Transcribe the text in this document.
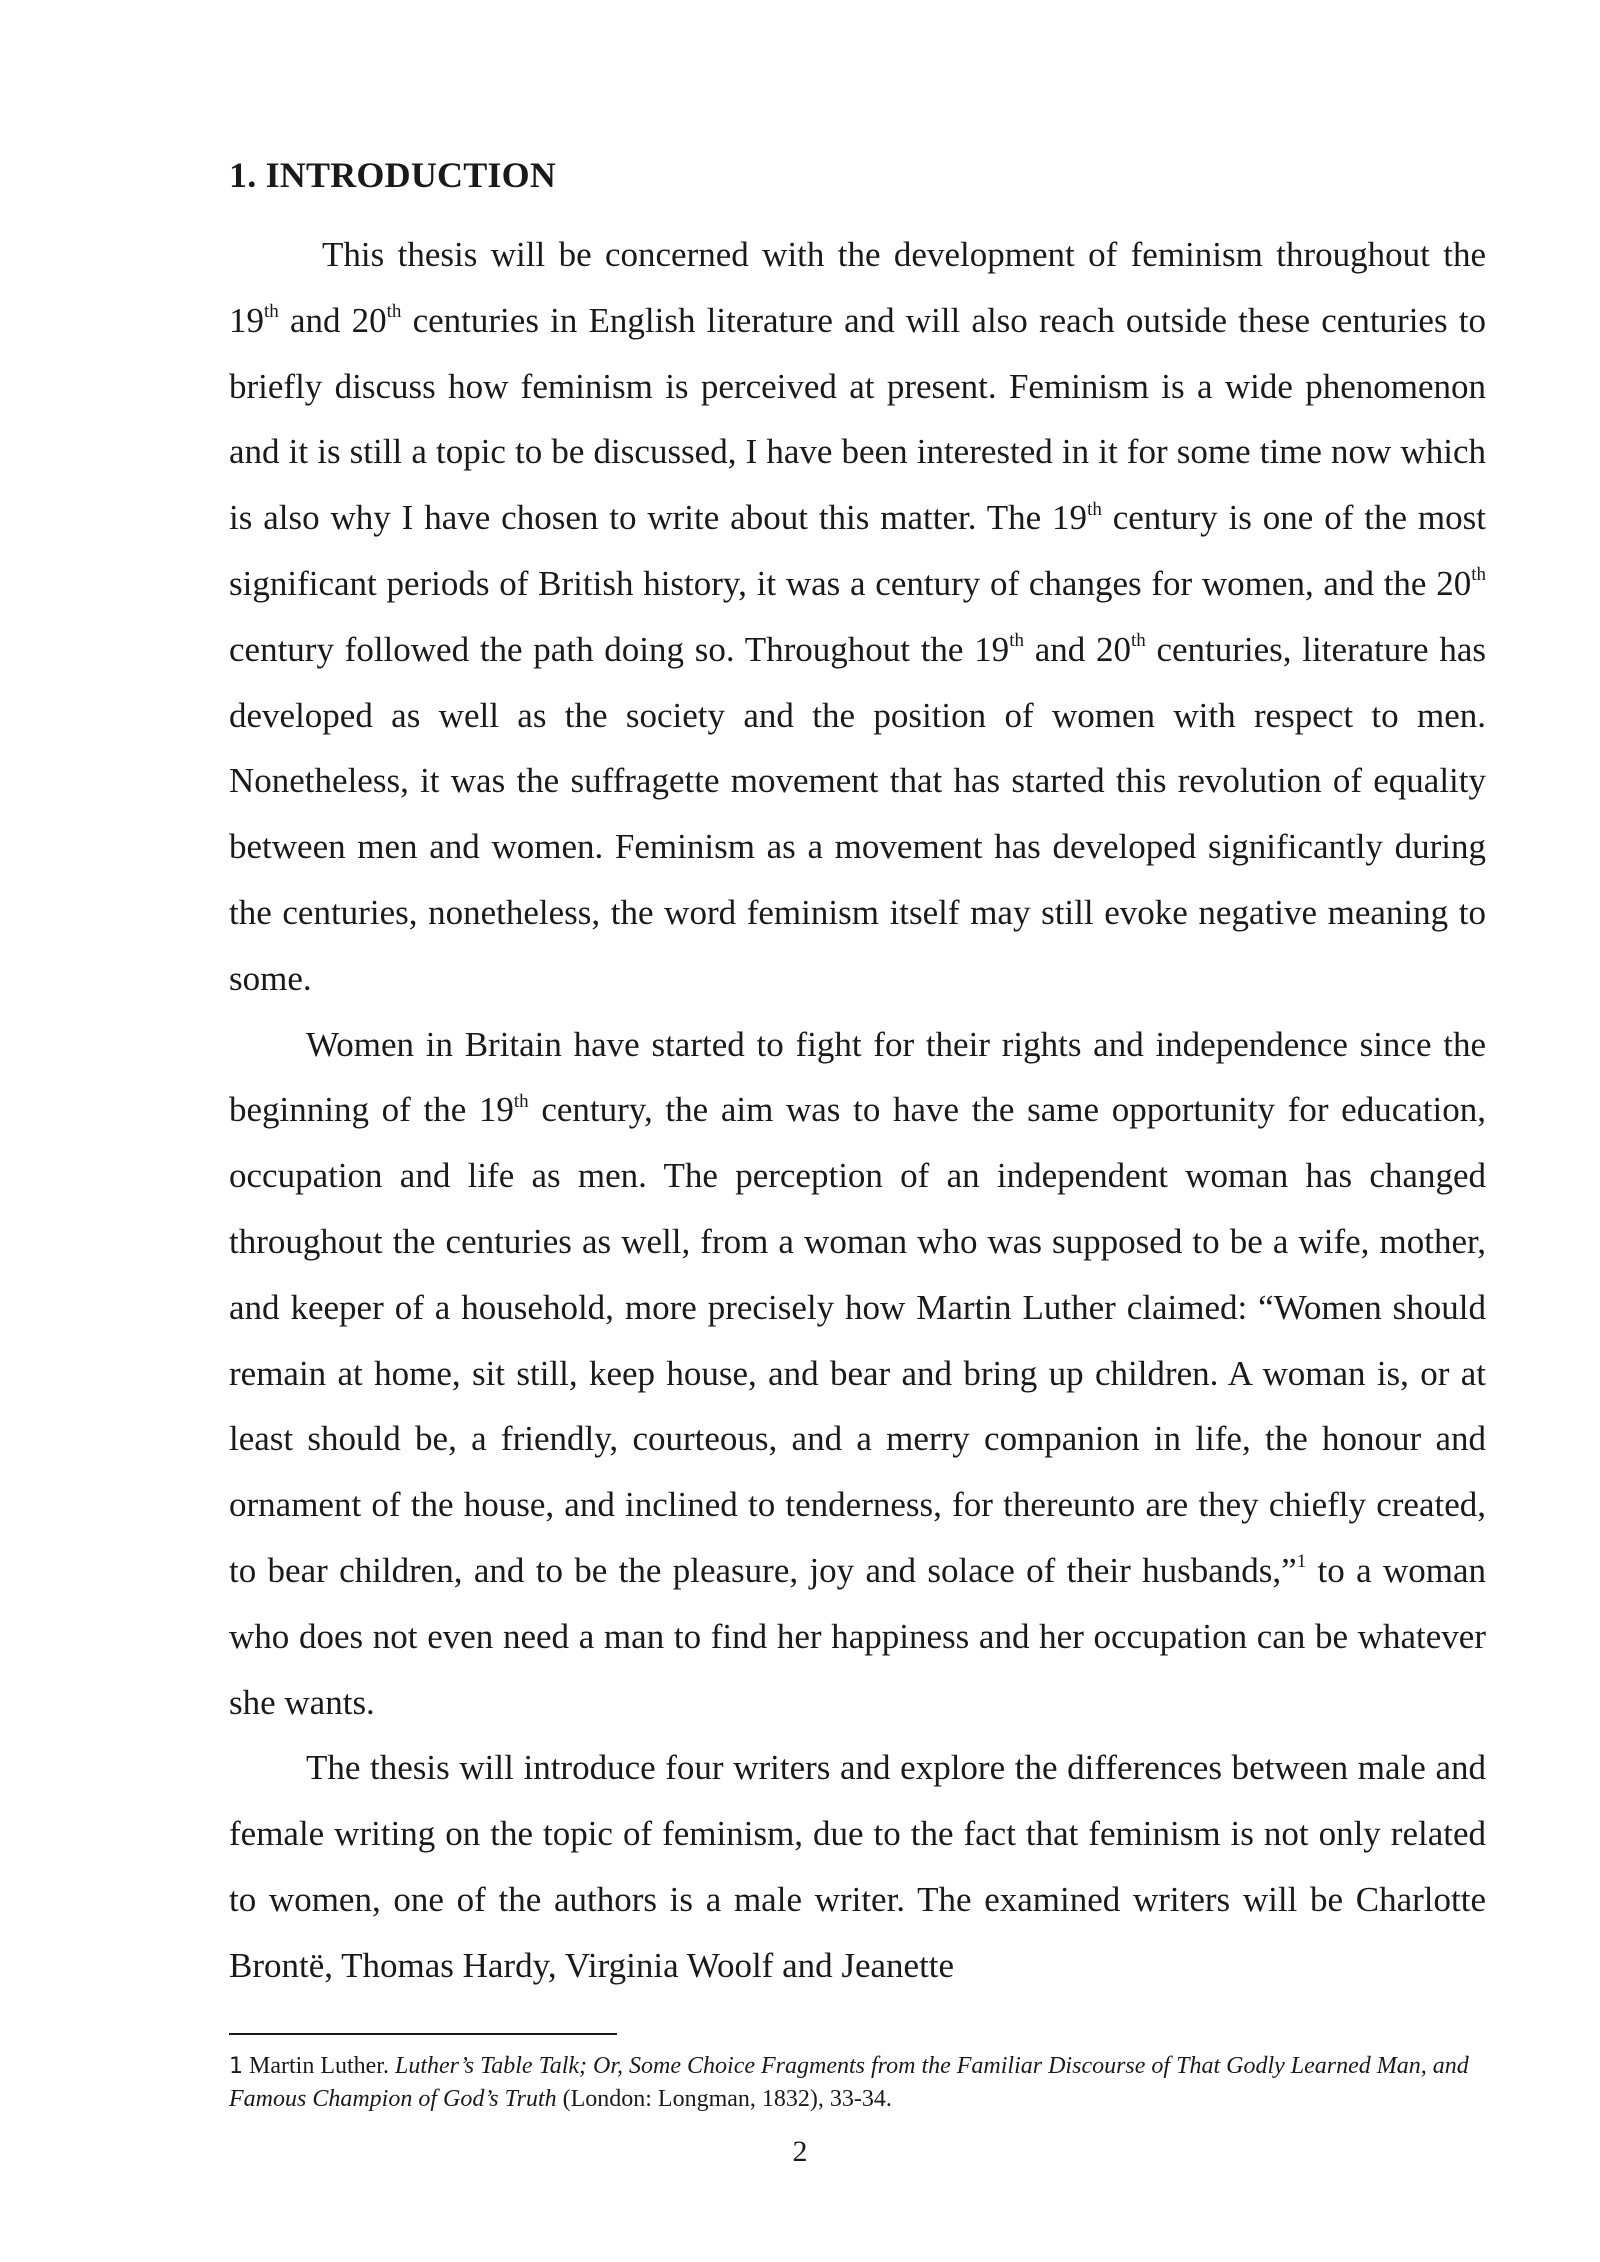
1. INTRODUCTION

This thesis will be concerned with the development of feminism throughout the 19th and 20th centuries in English literature and will also reach outside these centuries to briefly discuss how feminism is perceived at present. Feminism is a wide phenomenon and it is still a topic to be discussed, I have been interested in it for some time now which is also why I have chosen to write about this matter. The 19th century is one of the most significant periods of British history, it was a century of changes for women, and the 20th century followed the path doing so. Throughout the 19th and 20th centuries, literature has developed as well as the society and the position of women with respect to men. Nonetheless, it was the suffragette movement that has started this revolution of equality between men and women. Feminism as a movement has developed significantly during the centuries, nonetheless, the word feminism itself may still evoke negative meaning to some.

Women in Britain have started to fight for their rights and independence since the beginning of the 19th century, the aim was to have the same opportunity for education, occupation and life as men. The perception of an independent woman has changed throughout the centuries as well, from a woman who was supposed to be a wife, mother, and keeper of a household, more precisely how Martin Luther claimed: “Women should remain at home, sit still, keep house, and bear and bring up children. A woman is, or at least should be, a friendly, courteous, and a merry companion in life, the honour and ornament of the house, and inclined to tenderness, for thereunto are they chiefly created, to bear children, and to be the pleasure, joy and solace of their husbands,”$^1$ to a woman who does not even need a man to find her happiness and her occupation can be whatever she wants.

The thesis will introduce four writers and explore the differences between male and female writing on the topic of feminism, due to the fact that feminism is not only related to women, one of the authors is a male writer. The examined writers will be Charlotte Brontë, Thomas Hardy, Virginia Woolf and Jeanette

1 Martin Luther. Luther’s Table Talk; Or, Some Choice Fragments from the Familiar Discourse of That Godly Learned Man, and Famous Champion of God’s Truth (London: Longman, 1832), 33-34.
2
